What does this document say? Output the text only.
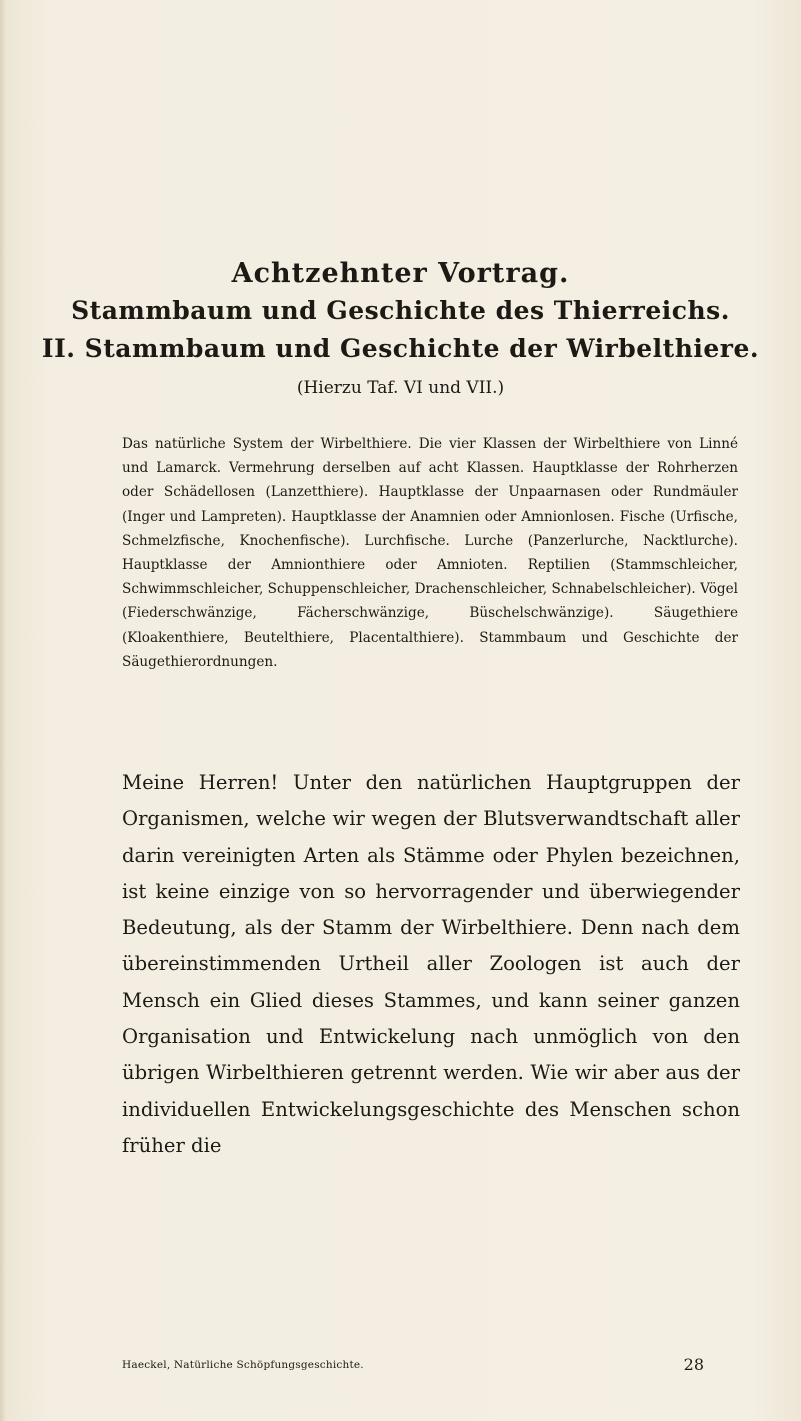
Achtzehnter Vortrag.
Stammbaum und Geschichte des Thierreichs.
II. Stammbaum und Geschichte der Wirbelthiere.
(Hierzu Taf. VI und VII.)

Das natürliche System der Wirbelthiere. Die vier Klassen der Wirbelthiere von Linné und Lamarck. Vermehrung derselben auf acht Klassen. Hauptklasse der Rohrherzen oder Schädellosen (Lanzetthiere). Hauptklasse der Unpaarnasen oder Rundmäuler (Inger und Lampreten). Hauptklasse der Anamnien oder Amnionlosen. Fische (Urfische, Schmelzfische, Knochenfische). Lurchfische. Lurche (Panzerlurche, Nacktlurche). Hauptklasse der Amnionthiere oder Amnioten. Reptilien (Stammschleicher, Schwimmschleicher, Schuppenschleicher, Drachenschleicher, Schnabelschleicher). Vögel (Fiederschwänzige, Fächerschwänzige, Büschelschwänzige). Säugethiere (Kloakenthiere, Beutelthiere, Placentalthiere). Stammbaum und Geschichte der Säugethierordnungen.

Meine Herren! Unter den natürlichen Hauptgruppen der Organismen, welche wir wegen der Blutsverwandtschaft aller darin vereinigten Arten als Stämme oder Phylen bezeichnen, ist keine einzige von so hervorragender und überwiegender Bedeutung, als der Stamm der Wirbelthiere. Denn nach dem übereinstimmenden Urtheil aller Zoologen ist auch der Mensch ein Glied dieses Stammes, und kann seiner ganzen Organisation und Entwickelung nach unmöglich von den übrigen Wirbelthieren getrennt werden. Wie wir aber aus der individuellen Entwickelungsgeschichte des Menschen schon früher die

Haeckel, Natürliche Schöpfungsgeschichte.	28
